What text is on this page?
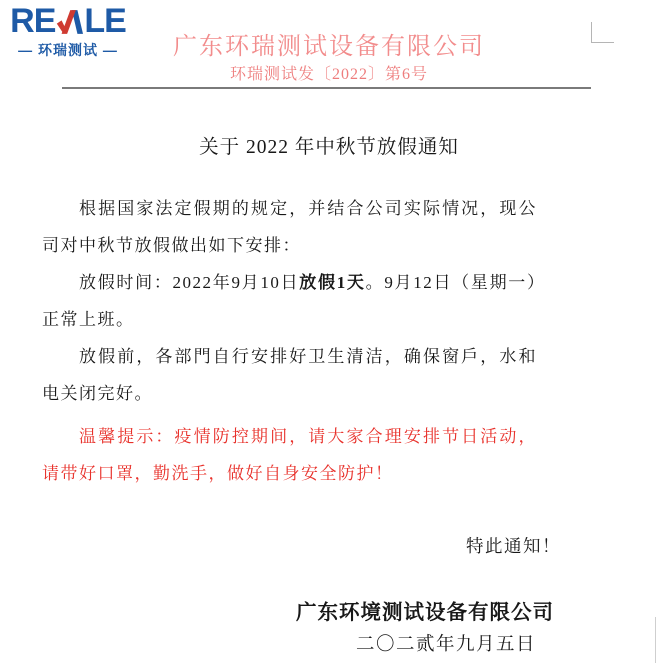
RE LE
— 环瑞测试 —	广东环瑞测试设备有限公司
环瑞测试发〔2022〕第6号
关于 2022 年中秋节放假通知

根据国家法定假期的规定，并结合公司实际情况，现公司对中秋节放假做出如下安排：

放假时间：2022年9月10日放假1天。9月12日（星期一）正常上班。

放假前，各部門自行安排好卫生清洁，确保窗戶，水和电关闭完好。

温馨提示：疫情防控期间，请大家合理安排节日活动，请带好口罩，勤洗手，做好自身安全防护！

特此通知！
广东环境测试设备有限公司
二〇二贰年九月五日
